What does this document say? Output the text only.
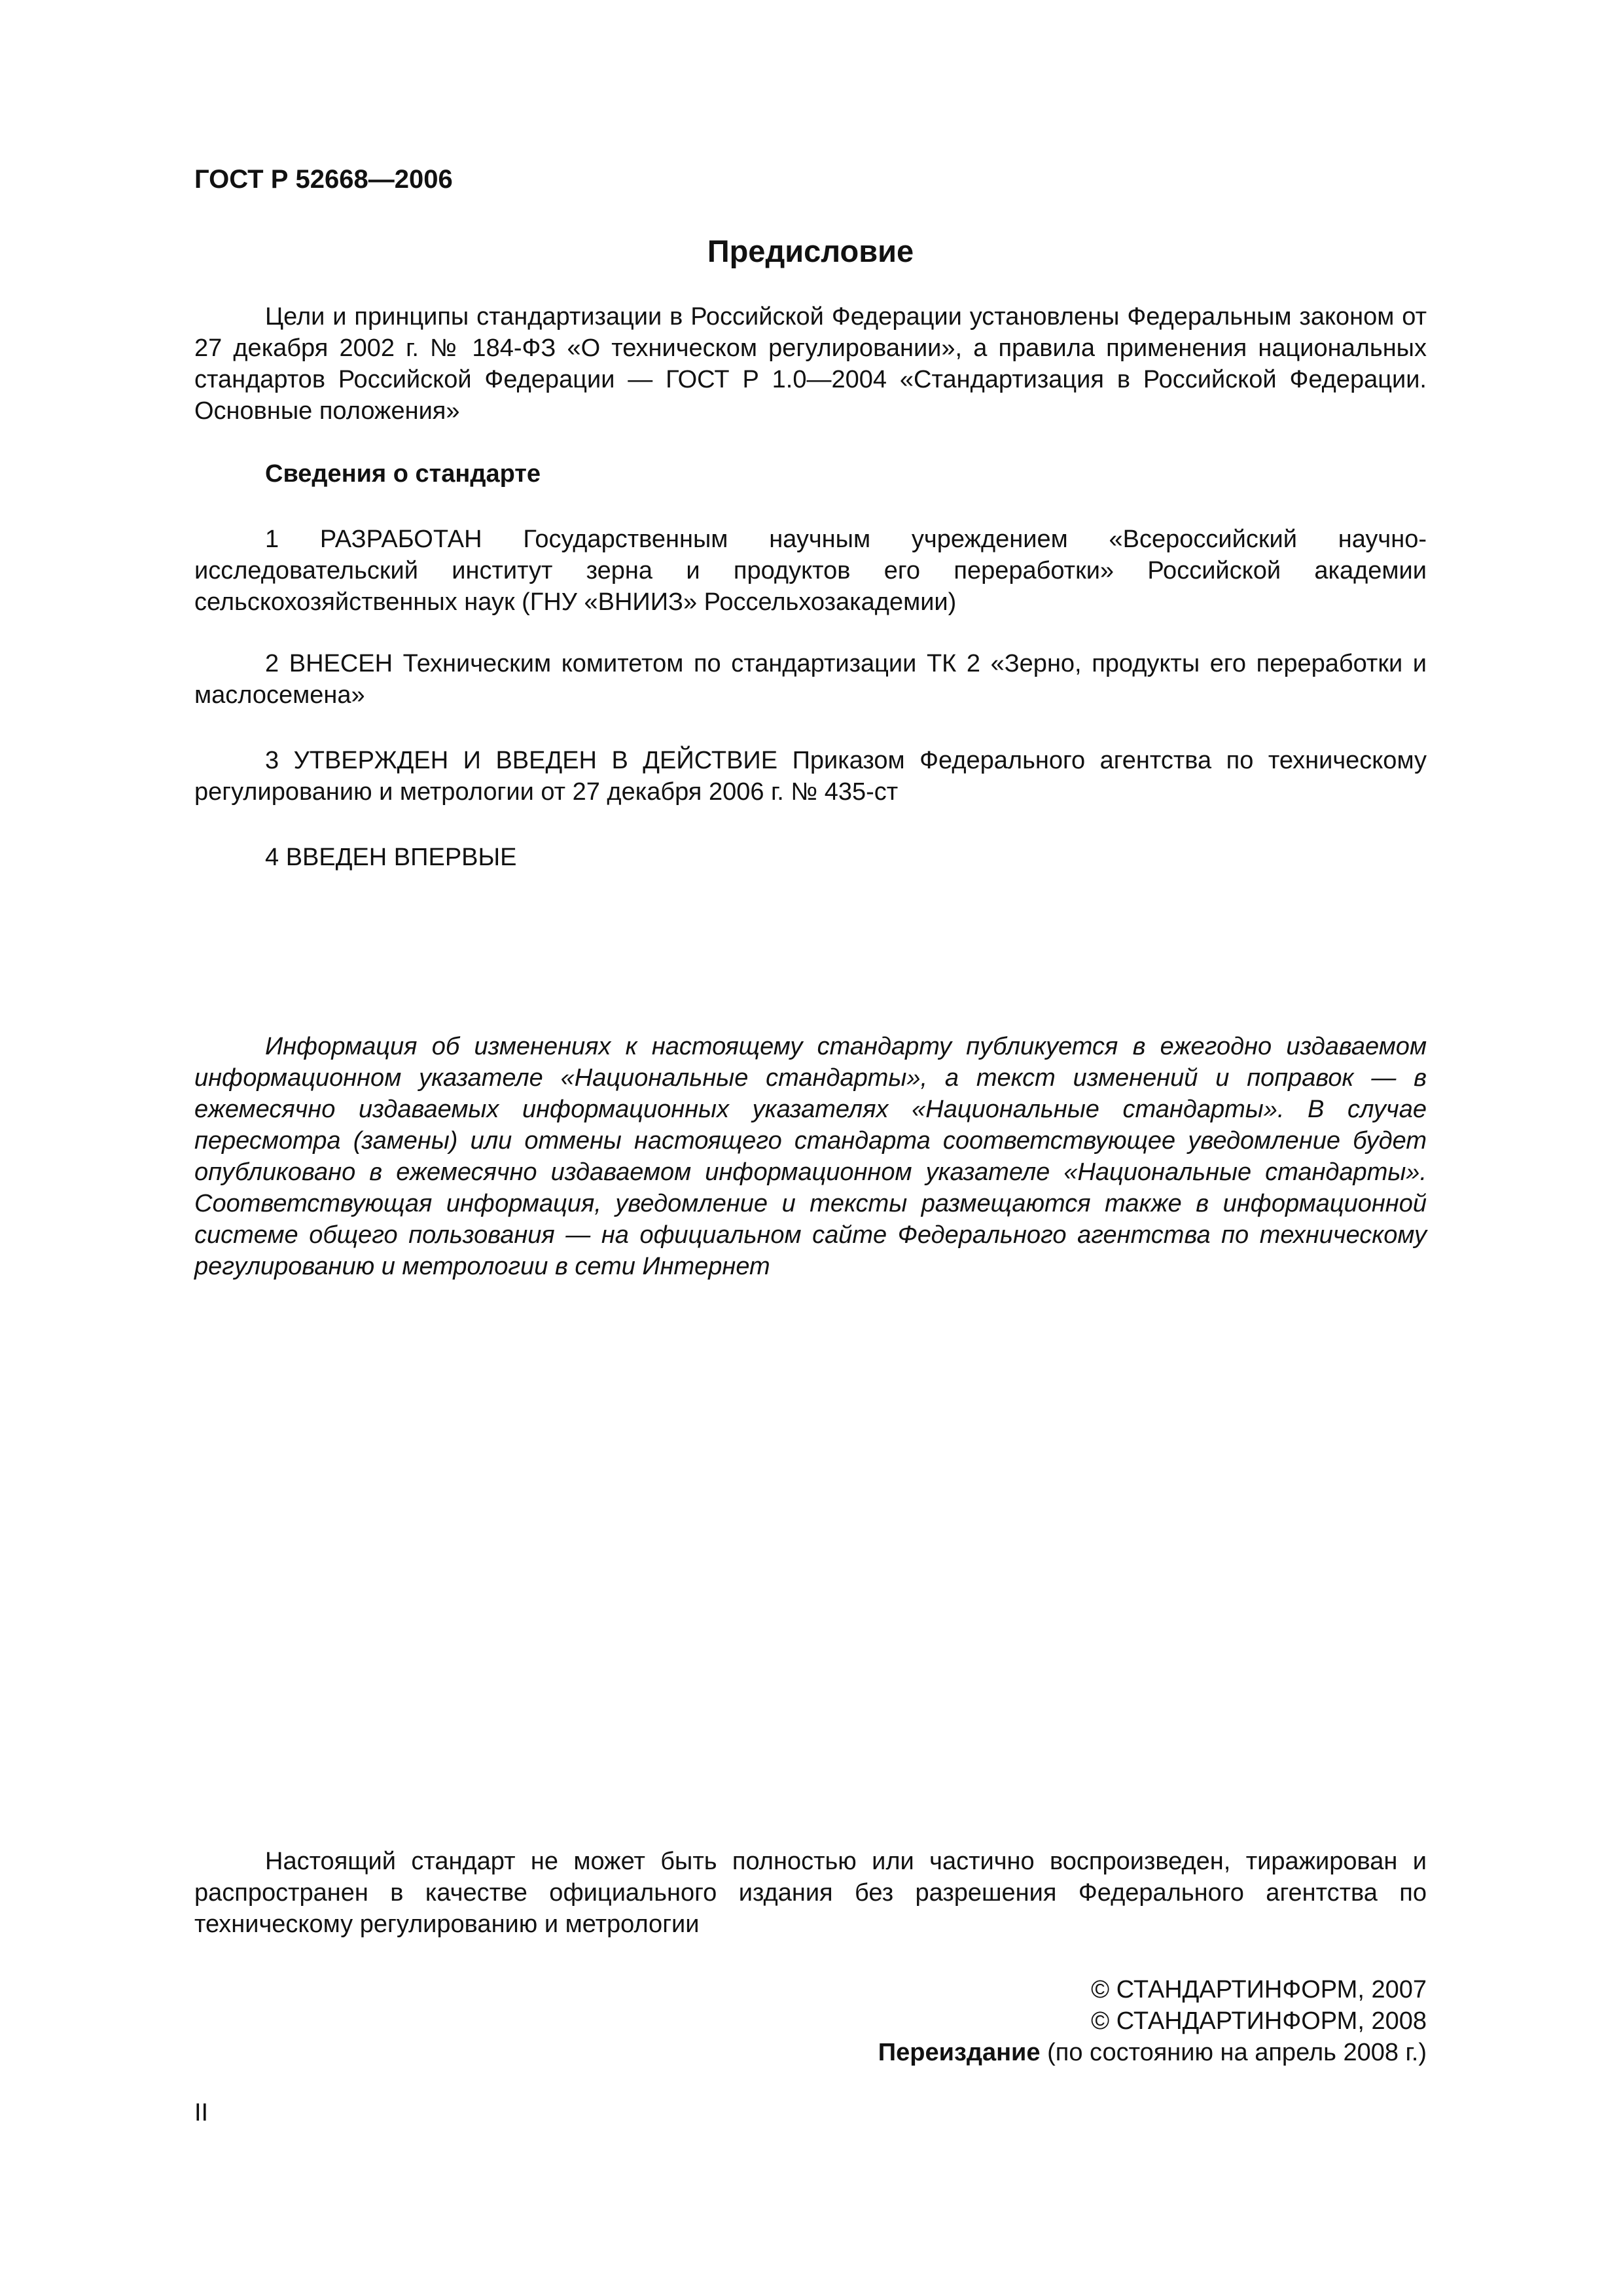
ГОСТ Р 52668—2006
Предисловие

Цели и принципы стандартизации в Российской Федерации установлены Федеральным законом от 27 декабря 2002 г. № 184-ФЗ «О техническом регулировании», а правила применения национальных стандартов Российской Федерации — ГОСТ Р 1.0—2004 «Стандартизация в Российской Федерации. Основные положения»

Сведения о стандарте

1 РАЗРАБОТАН Государственным научным учреждением «Всероссийский научно-исследовательский институт зерна и продуктов его переработки» Российской академии сельскохозяйственных наук (ГНУ «ВНИИЗ» Россельхозакадемии)

2 ВНЕСЕН Техническим комитетом по стандартизации ТК 2 «Зерно, продукты его переработки и маслосемена»

3 УТВЕРЖДЕН И ВВЕДЕН В ДЕЙСТВИЕ Приказом Федерального агентства по техническому регулированию и метрологии от 27 декабря 2006 г. № 435-ст

4 ВВЕДЕН ВПЕРВЫЕ

Информация об изменениях к настоящему стандарту публикуется в ежегодно издаваемом информационном указателе «Национальные стандарты», а текст изменений и поправок — в ежемесячно издаваемых информационных указателях «Национальные стандарты». В случае пересмотра (замены) или отмены настоящего стандарта соответствующее уведомление будет опубликовано в ежемесячно издаваемом информационном указателе «Национальные стандарты». Соответствующая информация, уведомление и тексты размещаются также в информационной системе общего пользования — на официальном сайте Федерального агентства по техническому регулированию и метрологии в сети Интернет

Настоящий стандарт не может быть полностью или частично воспроизведен, тиражирован и распространен в качестве официального издания без разрешения Федерального агентства по техническому регулированию и метрологии

© СТАНДАРТИНФОРМ, 2007
© СТАНДАРТИНФОРМ, 2008
Переиздание (по состоянию на апрель 2008 г.)
II
